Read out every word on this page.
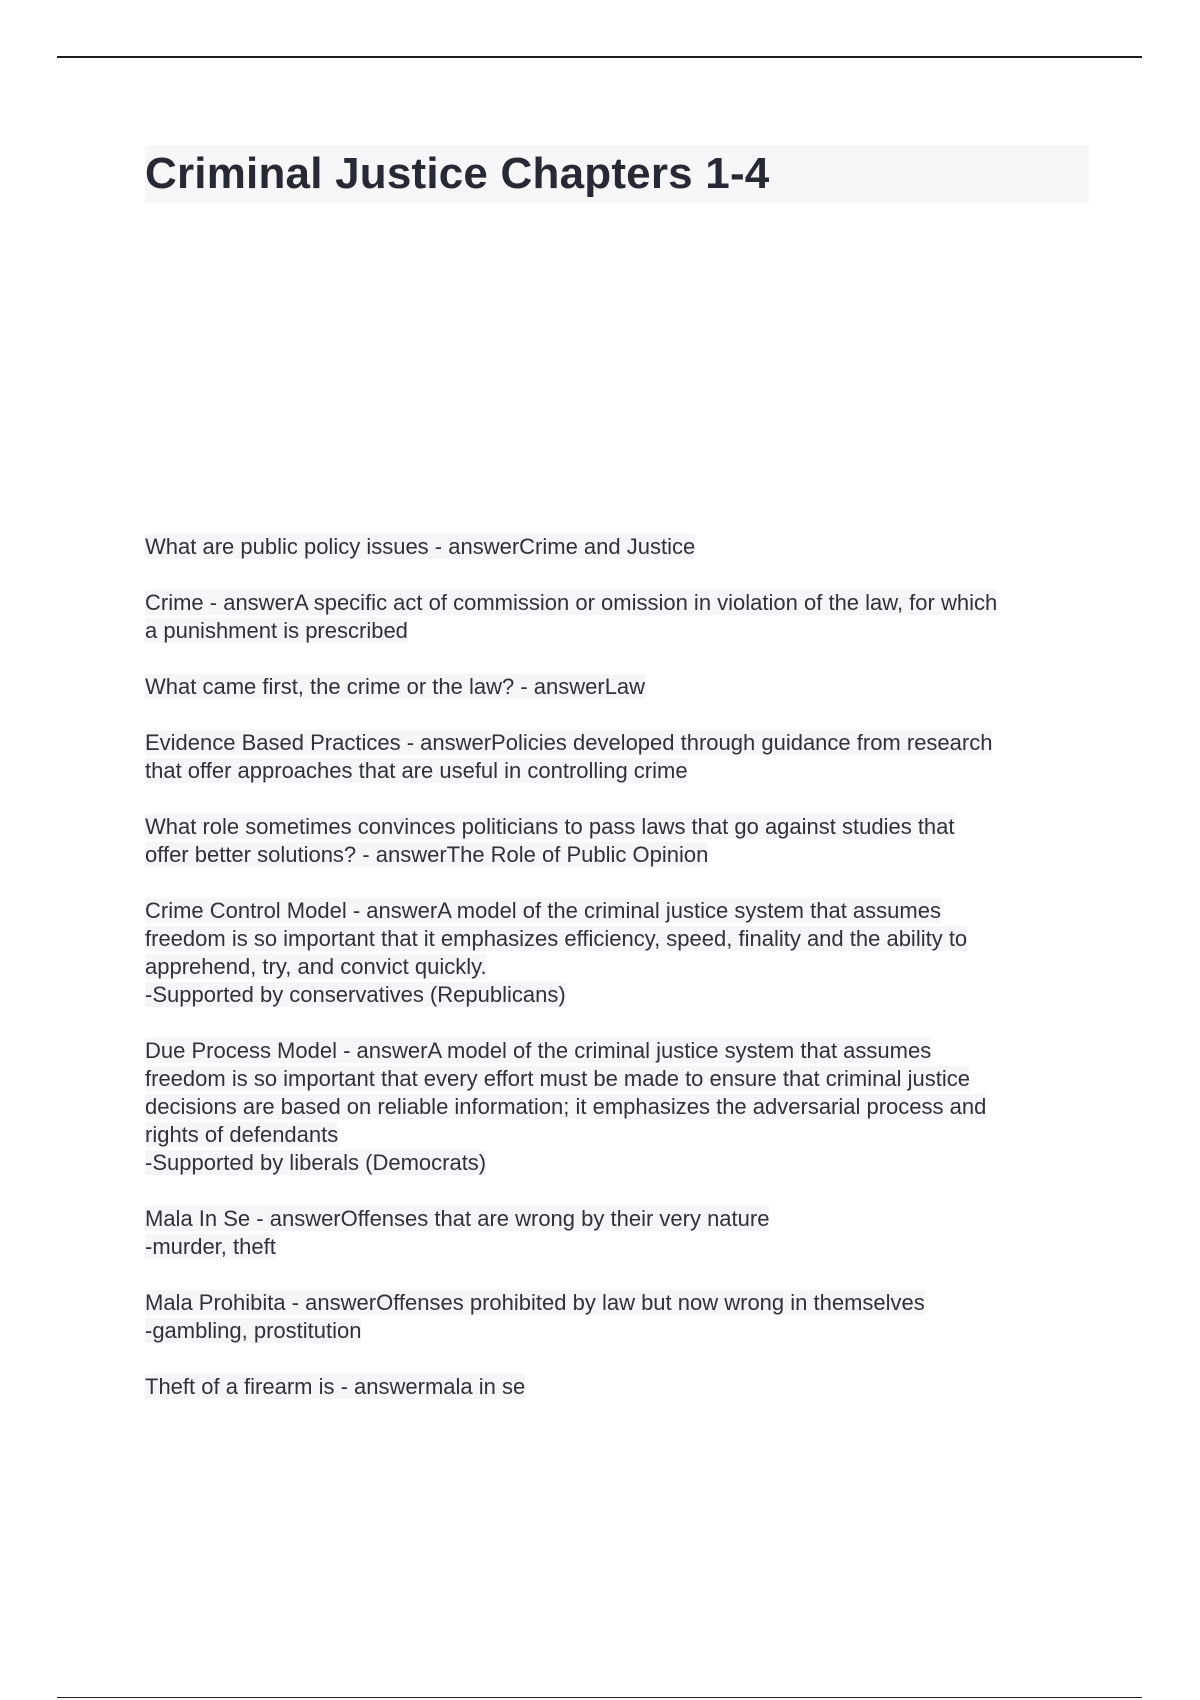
Criminal Justice Chapters 1-4

What are public policy issues - answerCrime and Justice

Crime - answerA specific act of commission or omission in violation of the law, for which
a punishment is prescribed

What came first, the crime or the law? - answerLaw

Evidence Based Practices - answerPolicies developed through guidance from research
that offer approaches that are useful in controlling crime

What role sometimes convinces politicians to pass laws that go against studies that
offer better solutions? - answerThe Role of Public Opinion

Crime Control Model - answerA model of the criminal justice system that assumes
freedom is so important that it emphasizes efficiency, speed, finality and the ability to
apprehend, try, and convict quickly.
-Supported by conservatives (Republicans)

Due Process Model - answerA model of the criminal justice system that assumes
freedom is so important that every effort must be made to ensure that criminal justice
decisions are based on reliable information; it emphasizes the adversarial process and
rights of defendants
-Supported by liberals (Democrats)

Mala In Se - answerOffenses that are wrong by their very nature
-murder, theft

Mala Prohibita - answerOffenses prohibited by law but now wrong in themselves
-gambling, prostitution

Theft of a firearm is - answermala in se
